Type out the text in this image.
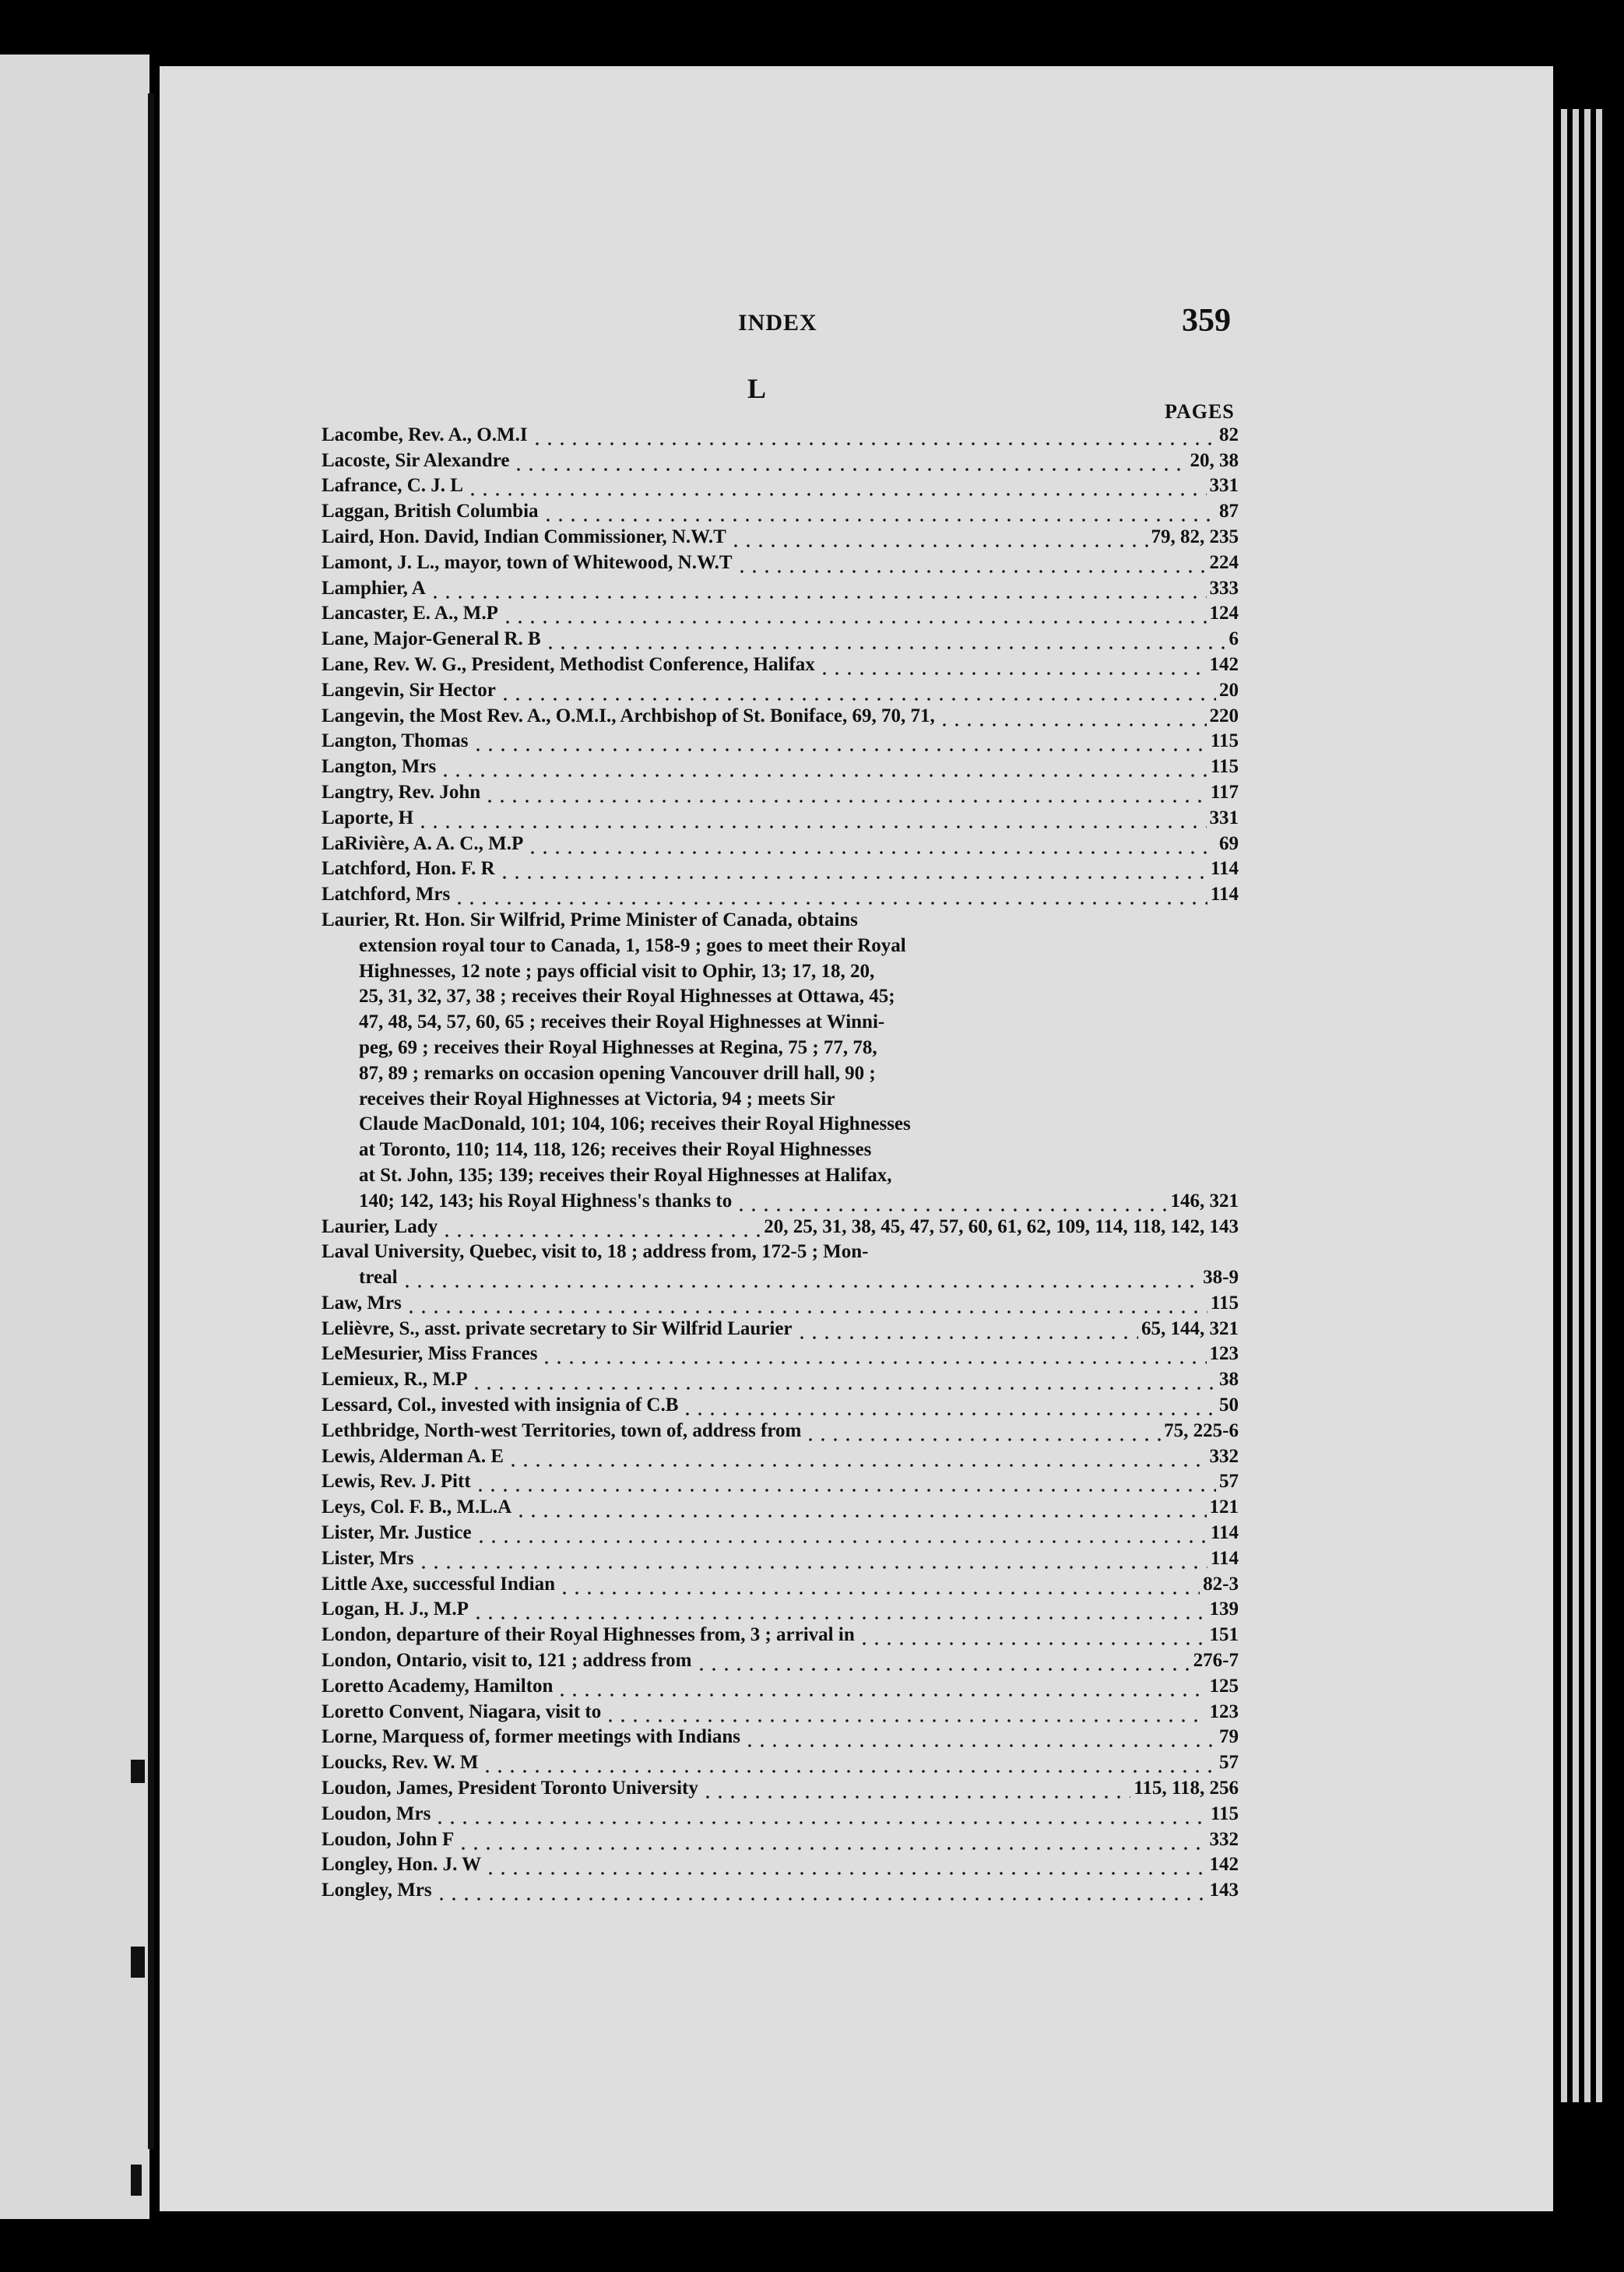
INDEX	359
L
PAGES
Lacombe, Rev. A., O.M.I	82
Lacoste, Sir Alexandre	20, 38
Lafrance, C. J. L	331
Laggan, British Columbia	87
Laird, Hon. David, Indian Commissioner, N.W.T	79, 82, 235
Lamont, J. L., mayor, town of Whitewood, N.W.T	224
Lamphier, A	333
Lancaster, E. A., M.P	124
Lane, Major-General R. B	6
Lane, Rev. W. G., President, Methodist Conference, Halifax	142
Langevin, Sir Hector	20
Langevin, the Most Rev. A., O.M.I., Archbishop of St. Boniface, 69, 70, 71,	220
Langton, Thomas	115
Langton, Mrs	115
Langtry, Rev. John	117
Laporte, H	331
LaRivière, A. A. C., M.P	69
Latchford, Hon. F. R	114
Latchford, Mrs	114
Laurier, Rt. Hon. Sir Wilfrid, Prime Minister of Canada, obtains
extension royal tour to Canada, 1, 158-9 ; goes to meet their Royal
Highnesses, 12 note ; pays official visit to Ophir, 13; 17, 18, 20,
25, 31, 32, 37, 38 ; receives their Royal Highnesses at Ottawa, 45;
47, 48, 54, 57, 60, 65 ; receives their Royal Highnesses at Winni-
peg, 69 ; receives their Royal Highnesses at Regina, 75 ; 77, 78,
87, 89 ; remarks on occasion opening Vancouver drill hall, 90 ;
receives their Royal Highnesses at Victoria, 94 ; meets Sir
Claude MacDonald, 101; 104, 106; receives their Royal Highnesses
at Toronto, 110; 114, 118, 126; receives their Royal Highnesses
at St. John, 135; 139; receives their Royal Highnesses at Halifax,
140; 142, 143; his Royal Highness's thanks to	146, 321
Laurier, Lady	20, 25, 31, 38, 45, 47, 57, 60, 61, 62, 109, 114, 118, 142, 143
Laval University, Quebec, visit to, 18 ; address from, 172-5 ; Mon-
treal	38-9
Law, Mrs	115
Lelièvre, S., asst. private secretary to Sir Wilfrid Laurier	65, 144, 321
LeMesurier, Miss Frances	123
Lemieux, R., M.P	38
Lessard, Col., invested with insignia of C.B	50
Lethbridge, North-west Territories, town of, address from	75, 225-6
Lewis, Alderman A. E	332
Lewis, Rev. J. Pitt	57
Leys, Col. F. B., M.L.A	121
Lister, Mr. Justice	114
Lister, Mrs	114
Little Axe, successful Indian	82-3
Logan, H. J., M.P	139
London, departure of their Royal Highnesses from, 3 ; arrival in	151
London, Ontario, visit to, 121 ; address from	276-7
Loretto Academy, Hamilton	125
Loretto Convent, Niagara, visit to	123
Lorne, Marquess of, former meetings with Indians	79
Loucks, Rev. W. M	57
Loudon, James, President Toronto University	115, 118, 256
Loudon, Mrs	115
Loudon, John F	332
Longley, Hon. J. W	142
Longley, Mrs	143
